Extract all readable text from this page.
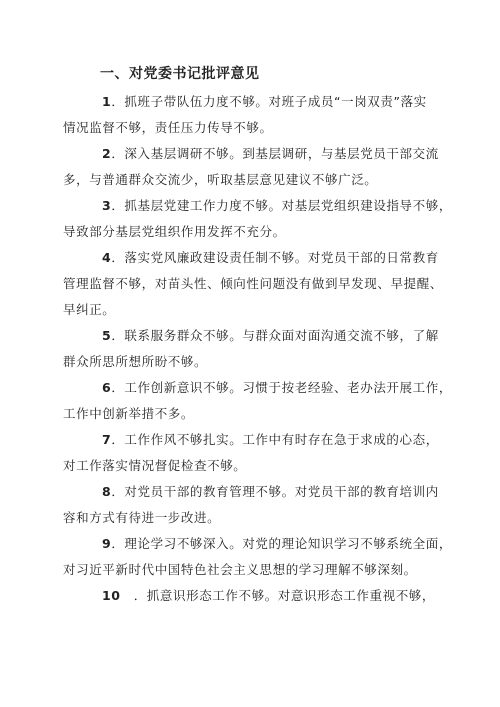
一、对党委书记批评意见
1．抓班子带队伍力度不够。对班子成员“一岗双责”落实
情况监督不够，责任压力传导不够。
2．深入基层调研不够。到基层调研，与基层党员干部交流
多，与普通群众交流少，听取基层意见建议不够广泛。
3．抓基层党建工作力度不够。对基层党组织建设指导不够，
导致部分基层党组织作用发挥不充分。
4．落实党风廉政建设责任制不够。对党员干部的日常教育
管理监督不够，对苗头性、倾向性问题没有做到早发现、早提醒、
早纠正。
5．联系服务群众不够。与群众面对面沟通交流不够，了解
群众所思所想所盼不够。
6．工作创新意识不够。习惯于按老经验、老办法开展工作，
工作中创新举措不多。
7．工作作风不够扎实。工作中有时存在急于求成的心态，
对工作落实情况督促检查不够。
8．对党员干部的教育管理不够。对党员干部的教育培训内
容和方式有待进一步改进。
9．理论学习不够深入。对党的理论知识学习不够系统全面，
对习近平新时代中国特色社会主义思想的学习理解不够深刻。
10　．抓意识形态工作不够。对意识形态工作重视不够，
